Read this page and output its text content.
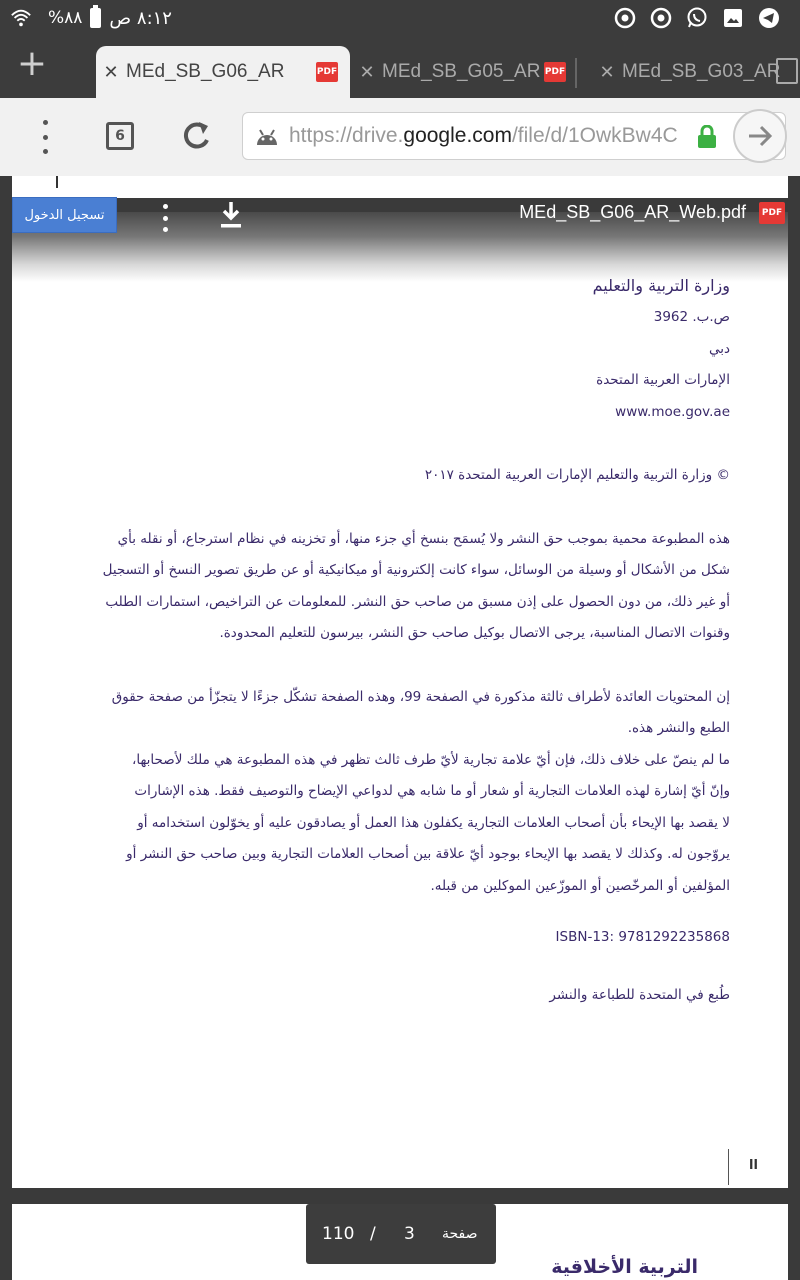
٨:١٢ ص
٨٨%
+	✕ MEd_SB_G06_AR	PDF	✕ MEd_SB_G05_AR PDF	✕ MEd_SB_G03_AR
6	https://drive.google.com/file/d/1OwkBw4C
تسجيل الدخول	MEd_SB_G06_AR_Web.pdf	PDF
وزارة التربية والتعليم
ص.ب. 3962
دبي
الإمارات العربية المتحدة
www.moe.gov.ae
© وزارة التربية والتعليم الإمارات العربية المتحدة ٢٠١٧
هذه المطبوعة محمية بموجب حق النشر ولا يُسمَح بنسخ أي جزء منها، أو تخزينه في نظام استرجاع، أو نقله بأي
شكل من الأشكال أو وسيلة من الوسائل، سواء كانت إلكترونية أو ميكانيكية أو عن طريق تصوير النسخ أو التسجيل
أو غير ذلك، من دون الحصول على إذن مسبق من صاحب حق النشر. للمعلومات عن التراخيص، استمارات الطلب
وقنوات الاتصال المناسبة، يرجى الاتصال بوكيل صاحب حق النشر، بيرسون للتعليم المحدودة.
إن المحتويات العائدة لأطراف ثالثة مذكورة في الصفحة 99، وهذه الصفحة تشكّل جزءًا لا يتجزّأ من صفحة حقوق
الطبع والنشر هذه.
ما لم ينصّ على خلاف ذلك، فإن أيّ علامة تجارية لأيّ طرف ثالث تظهر في هذه المطبوعة هي ملك لأصحابها،
وإنّ أيّ إشارة لهذه العلامات التجارية أو شعار أو ما شابه هي لدواعي الإيضاح والتوصيف فقط. هذه الإشارات
لا يقصد بها الإيحاء بأن أصحاب العلامات التجارية يكفلون هذا العمل أو يصادقون عليه أو يخوّلون استخدامه أو
يروّجون له. وكذلك لا يقصد بها الإيحاء بوجود أيّ علاقة بين أصحاب العلامات التجارية وبين صاحب حق النشر أو
المؤلفين أو المرخّصين أو الموزّعين الموكلين من قبله.
ISBN-13: 9781292235868
طُبع في المتحدة للطباعة والنشر
ll
التربية الأخلاقية
110 / 3 صفحة
